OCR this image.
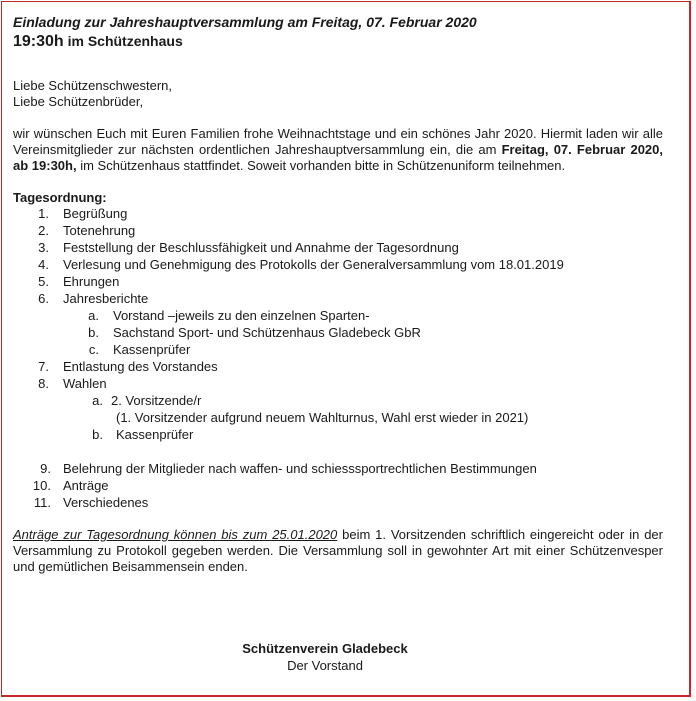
Einladung zur Jahreshauptversammlung am Freitag, 07. Februar 2020
19:30h im Schützenhaus
Liebe Schützenschwestern,
Liebe Schützenbrüder,
wir wünschen Euch mit Euren Familien frohe Weihnachtstage und ein schönes Jahr 2020. Hiermit laden wir alle Vereinsmitglieder zur nächsten ordentlichen Jahreshauptversammlung ein, die am Freitag, 07. Februar 2020, ab 19:30h, im Schützenhaus stattfindet. Soweit vorhanden bitte in Schützenuniform teilnehmen.
Tagesordnung:
1. Begrüßung
2. Totenehrung
3. Feststellung der Beschlussfähigkeit und Annahme der Tagesordnung
4. Verlesung und Genehmigung des Protokolls der Generalversammlung vom 18.01.2019
5. Ehrungen
6. Jahresberichte
a. Vorstand –jeweils zu den einzelnen Sparten-
b. Sachstand Sport- und Schützenhaus Gladebeck GbR
c. Kassenprüfer
7. Entlastung des Vorstandes
8. Wahlen
a. 2. Vorsitzende/r
(1. Vorsitzender aufgrund neuem Wahlturnus, Wahl erst wieder in 2021)
b. Kassenprüfer
9. Belehrung der Mitglieder nach waffen- und schiesssportrechtlichen Bestimmungen
10. Anträge
11. Verschiedenes
Anträge zur Tagesordnung können bis zum 25.01.2020 beim 1. Vorsitzenden schriftlich eingereicht oder in der Versammlung zu Protokoll gegeben werden. Die Versammlung soll in gewohnter Art mit einer Schützenvesper und gemütlichen Beisammensein enden.
Schützenverein Gladebeck
Der Vorstand
